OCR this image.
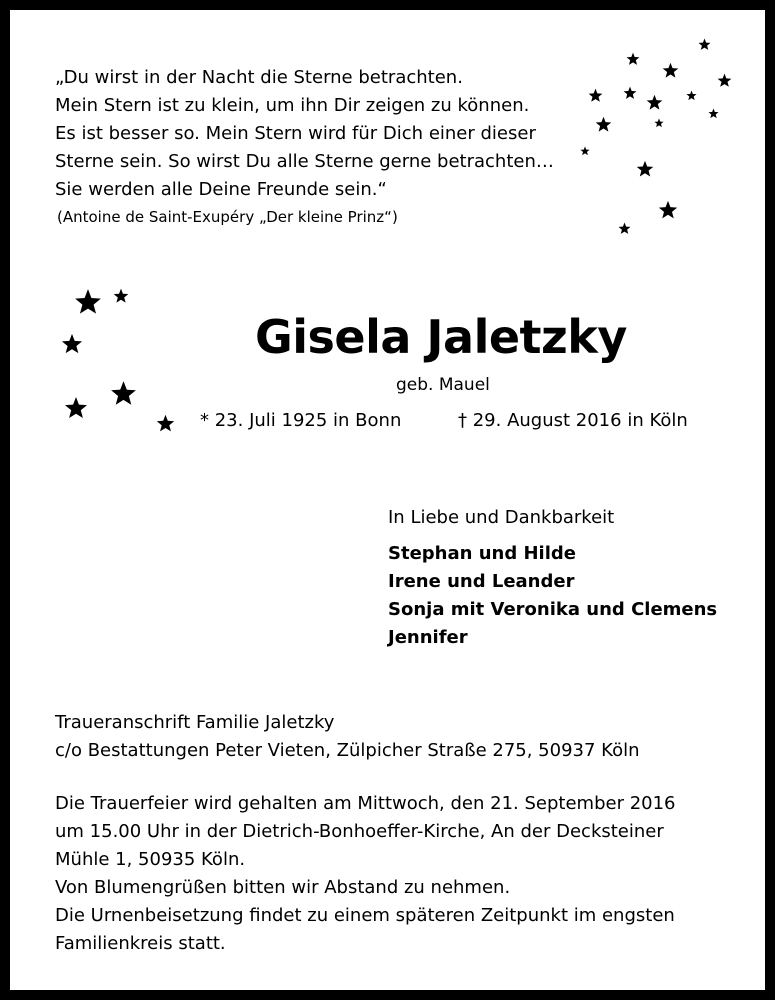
„Du wirst in der Nacht die Sterne betrachten.
Mein Stern ist zu klein, um ihn Dir zeigen zu können.
Es ist besser so. Mein Stern wird für Dich einer dieser
Sterne sein. So wirst Du alle Sterne gerne betrachten…
Sie werden alle Deine Freunde sein.“
(Antoine de Saint-Exupéry „Der kleine Prinz“)
Gisela Jaletzky
geb. Mauel
* 23. Juli 1925 in Bonn	† 29. August 2016 in Köln
In Liebe und Dankbarkeit
Stephan und Hilde
Irene und Leander
Sonja mit Veronika und Clemens
Jennifer
Traueranschrift Familie Jaletzky
c/o Bestattungen Peter Vieten, Zülpicher Straße 275, 50937 Köln
Die Trauerfeier wird gehalten am Mittwoch, den 21. September 2016
um 15.00 Uhr in der Dietrich-Bonhoeffer-Kirche, An der Decksteiner
Mühle 1, 50935 Köln.
Von Blumengrüßen bitten wir Abstand zu nehmen.
Die Urnenbeisetzung findet zu einem späteren Zeitpunkt im engsten
Familienkreis statt.
